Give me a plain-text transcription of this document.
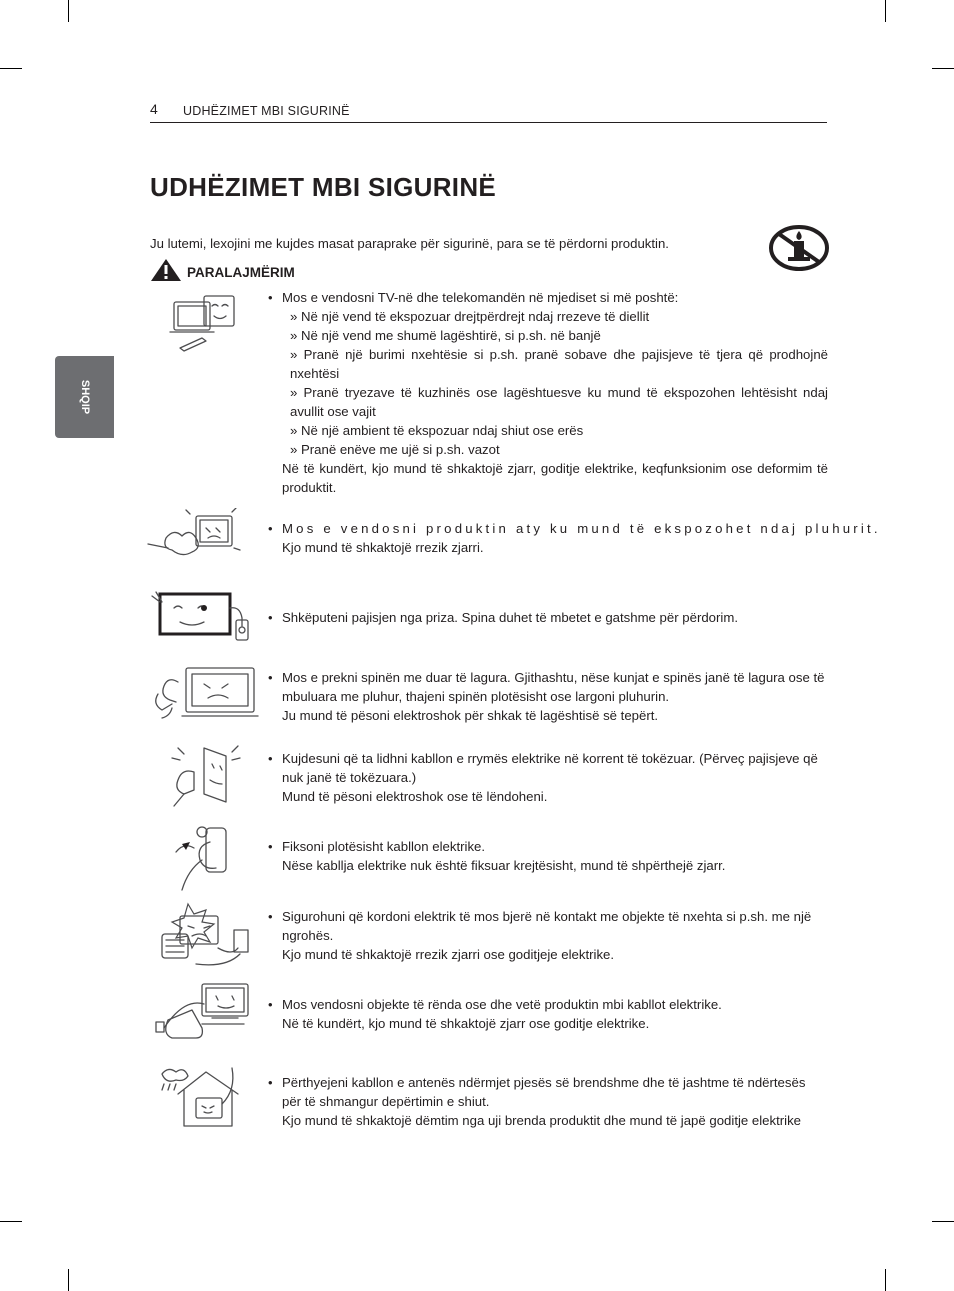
4 UDHËZIMET MBI SIGURINË
SHQIP
UDHËZIMET MBI SIGURINË

Ju lutemi, lexojini me kujdes masat paraprake për sigurinë, para se të përdorni produktin.

PARALAJMËRIM
• Mos e vendosni TV-në dhe telekomandën në mjediset si më poshtë:
» Në një vend të ekspozuar drejtpërdrejt ndaj rrezeve të diellit
» Në një vend me shumë lagështirë, si p.sh. në banjë
» Pranë një burimi nxehtësie si p.sh. pranë sobave dhe pajisjeve të tjera që prodhojnë nxehtësi
» Pranë tryezave të kuzhinës ose lagështuesve ku mund të ekspozohen lehtësisht ndaj avullit ose vajit
» Në një ambient të ekspozuar ndaj shiut ose erës
» Pranë enëve me ujë si p.sh. vazot
Në të kundërt, kjo mund të shkaktojë zjarr, goditje elektrike, keqfunksionim ose deformim të produktit.
• Mos e vendosni produktin aty ku mund të ekspozohet ndaj pluhurit.
Kjo mund të shkaktojë rrezik zjarri.
• Shkëputeni pajisjen nga priza. Spina duhet të mbetet e gatshme për përdorim.
• Mos e prekni spinën me duar të lagura. Gjithashtu, nëse kunjat e spinës janë të lagura ose të mbuluara me pluhur, thajeni spinën plotësisht ose largoni pluhurin.
Ju mund të pësoni elektroshok për shkak të lagështisë së tepërt.
• Kujdesuni që ta lidhni kabllon e rrymës elektrike në korrent të tokëzuar. (Përveç pajisjeve që nuk janë të tokëzuara.)
Mund të pësoni elektroshok ose të lëndoheni.
• Fiksoni plotësisht kabllon elektrike.
Nëse kabllja elektrike nuk është fiksuar krejtësisht, mund të shpërthejë zjarr.
• Sigurohuni që kordoni elektrik të mos bjerë në kontakt me objekte të nxehta si p.sh. me një ngrohës.
Kjo mund të shkaktojë rrezik zjarri ose goditjeje elektrike.
• Mos vendosni objekte të rënda ose dhe vetë produktin mbi kabllot elektrike.
Në të kundërt, kjo mund të shkaktojë zjarr ose goditje elektrike.
• Përthyejeni kabllon e antenës ndërmjet pjesës së brendshme dhe të jashtme të ndërtesës për të shmangur depërtimin e shiut.
Kjo mund të shkaktojë dëmtim nga uji brenda produktit dhe mund të japë goditje elektrike
